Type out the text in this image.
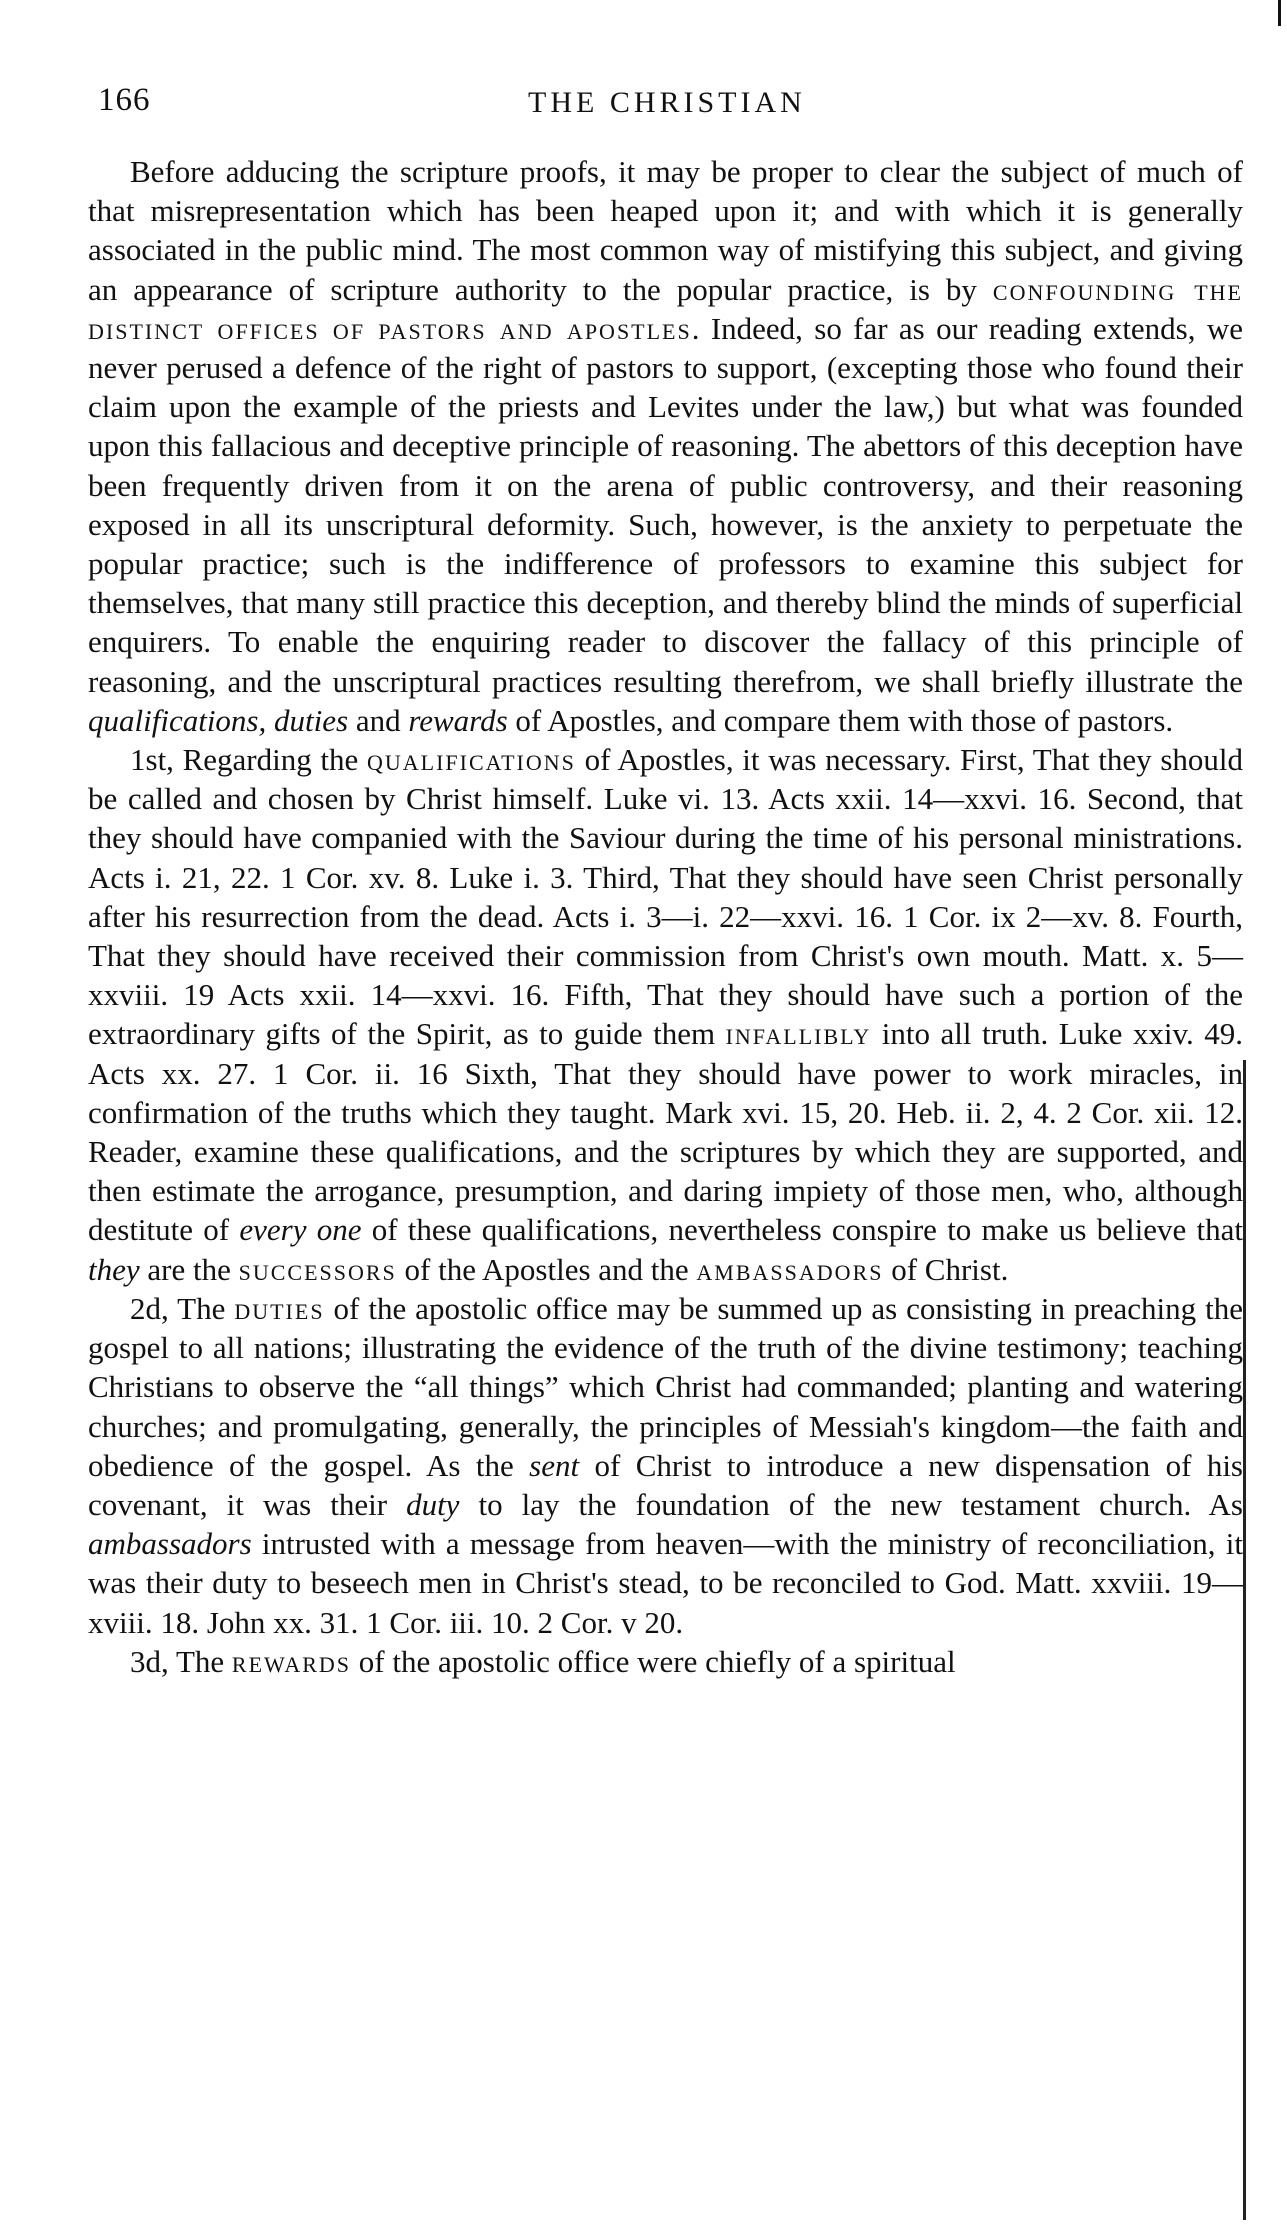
166	THE CHRISTIAN

Before adducing the scripture proofs, it may be proper to clear the subject of much of that misrepresentation which has been heaped upon it; and with which it is generally associated in the public mind. The most common way of mistifying this subject, and giving an appearance of scripture authority to the popular practice, is by confounding the distinct offices of pastors and apostles. Indeed, so far as our reading extends, we never perused a defence of the right of pastors to support, (excepting those who found their claim upon the example of the priests and Levites under the law,) but what was founded upon this fallacious and deceptive principle of reasoning. The abettors of this deception have been frequently driven from it on the arena of public controversy, and their reasoning exposed in all its unscriptural deformity. Such, however, is the anxiety to perpetuate the popular practice; such is the indifference of professors to examine this subject for themselves, that many still practice this deception, and thereby blind the minds of superficial enquirers. To enable the enquiring reader to discover the fallacy of this principle of reasoning, and the unscriptural practices resulting therefrom, we shall briefly illustrate the qualifications, duties and rewards of Apostles, and compare them with those of pastors.

1st, Regarding the qualifications of Apostles, it was necessary. First, That they should be called and chosen by Christ himself. Luke vi. 13. Acts xxii. 14—xxvi. 16. Second, that they should have companied with the Saviour during the time of his personal ministrations. Acts i. 21, 22. 1 Cor. xv. 8. Luke i. 3. Third, That they should have seen Christ personally after his resurrection from the dead. Acts i. 3—i. 22—xxvi. 16. 1 Cor. ix 2—xv. 8. Fourth, That they should have received their commission from Christ's own mouth. Matt. x. 5—xxviii. 19 Acts xxii. 14—xxvi. 16. Fifth, That they should have such a portion of the extraordinary gifts of the Spirit, as to guide them infallibly into all truth. Luke xxiv. 49. Acts xx. 27. 1 Cor. ii. 16 Sixth, That they should have power to work miracles, in confirmation of the truths which they taught. Mark xvi. 15, 20. Heb. ii. 2, 4. 2 Cor. xii. 12. Reader, examine these qualifications, and the scriptures by which they are supported, and then estimate the arrogance, presumption, and daring impiety of those men, who, although destitute of every one of these qualifications, nevertheless conspire to make us believe that they are the successors of the Apostles and the ambassadors of Christ.

2d, The duties of the apostolic office may be summed up as consisting in preaching the gospel to all nations; illustrating the evidence of the truth of the divine testimony; teaching Christians to observe the “all things” which Christ had commanded; planting and watering churches; and promulgating, generally, the principles of Messiah's kingdom—the faith and obedience of the gospel. As the sent of Christ to introduce a new dispensation of his covenant, it was their duty to lay the foundation of the new testament church. As ambassadors intrusted with a message from heaven—with the ministry of reconciliation, it was their duty to beseech men in Christ's stead, to be reconciled to God. Matt. xxviii. 19—xviii. 18. John xx. 31. 1 Cor. iii. 10. 2 Cor. v 20.

3d, The rewards of the apostolic office were chiefly of a spiritual
